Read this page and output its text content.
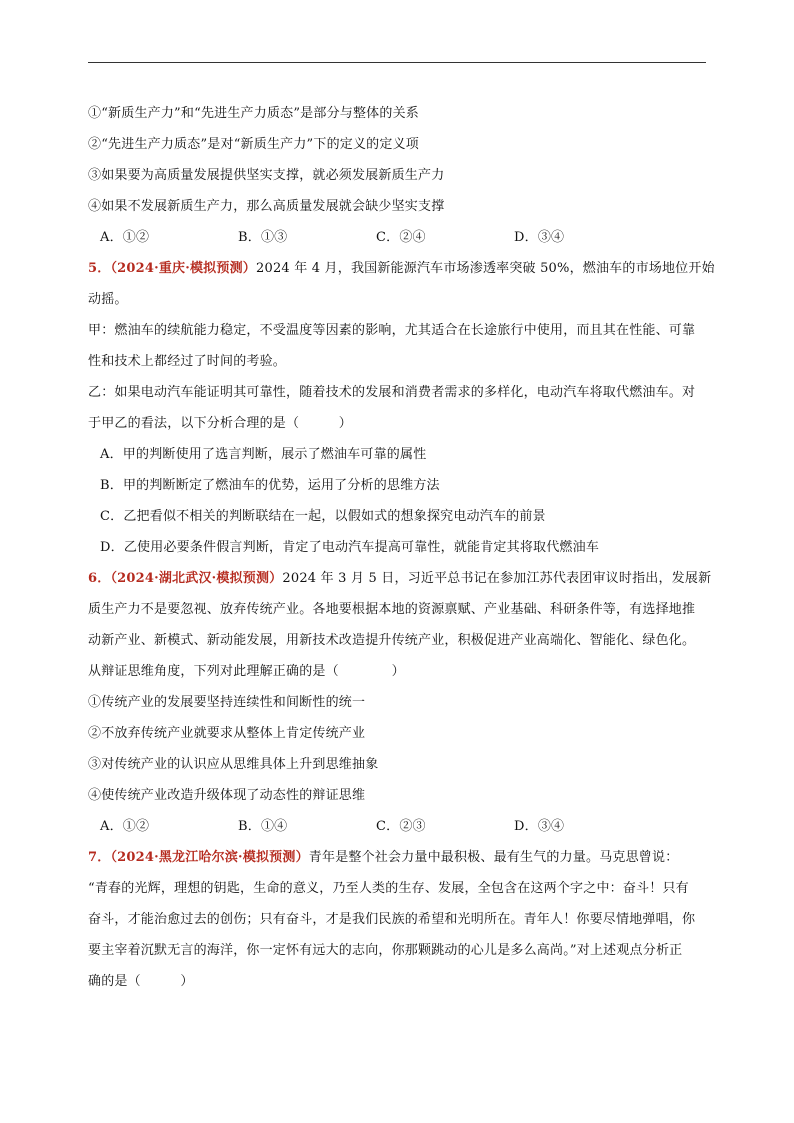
①“新质生产力”和“先进生产力质态”是部分与整体的关系
②“先进生产力质态”是对“新质生产力”下的定义的定义项
③如果要为高质量发展提供坚实支撑，就必须发展新质生产力
④如果不发展新质生产力，那么高质量发展就会缺少坚实支撑
A．①②	B．①③	C．②④	D．③④
5．（2024·重庆·模拟预测）2024 年 4 月，我国新能源汽车市场渗透率突破 50%，燃油车的市场地位开始
动摇。
甲：燃油车的续航能力稳定，不受温度等因素的影响，尤其适合在长途旅行中使用，而且其在性能、可靠
性和技术上都经过了时间的考验。
乙：如果电动汽车能证明其可靠性，随着技术的发展和消费者需求的多样化，电动汽车将取代燃油车。对
于甲乙的看法，以下分析合理的是（　　　）
A．甲的判断使用了选言判断，展示了燃油车可靠的属性
B．甲的判断断定了燃油车的优势，运用了分析的思维方法
C．乙把看似不相关的判断联结在一起，以假如式的想象探究电动汽车的前景
D．乙使用必要条件假言判断，肯定了电动汽车提高可靠性，就能肯定其将取代燃油车
6．（2024·湖北武汉·模拟预测）2024 年 3 月 5 日，习近平总书记在参加江苏代表团审议时指出，发展新
质生产力不是要忽视、放弃传统产业。各地要根据本地的资源禀赋、产业基础、科研条件等，有选择地推
动新产业、新模式、新动能发展，用新技术改造提升传统产业，积极促进产业高端化、智能化、绿色化。
从辩证思维角度，下列对此理解正确的是（　　　　）
①传统产业的发展要坚持连续性和间断性的统一
②不放弃传统产业就要求从整体上肯定传统产业
③对传统产业的认识应从思维具体上升到思维抽象
④使传统产业改造升级体现了动态性的辩证思维
A．①②	B．①④	C．②③	D．③④
7．（2024·黑龙江哈尔滨·模拟预测）青年是整个社会力量中最积极、最有生气的力量。马克思曾说：
“青春的光辉，理想的钥匙，生命的意义，乃至人类的生存、发展，全包含在这两个字之中：奋斗！只有
奋斗，才能治愈过去的创伤；只有奋斗，才是我们民族的希望和光明所在。青年人！你要尽情地弹唱，你
要主宰着沉默无言的海洋，你一定怀有远大的志向，你那颗跳动的心儿是多么高尚。”对上述观点分析正
确的是（　　　）
